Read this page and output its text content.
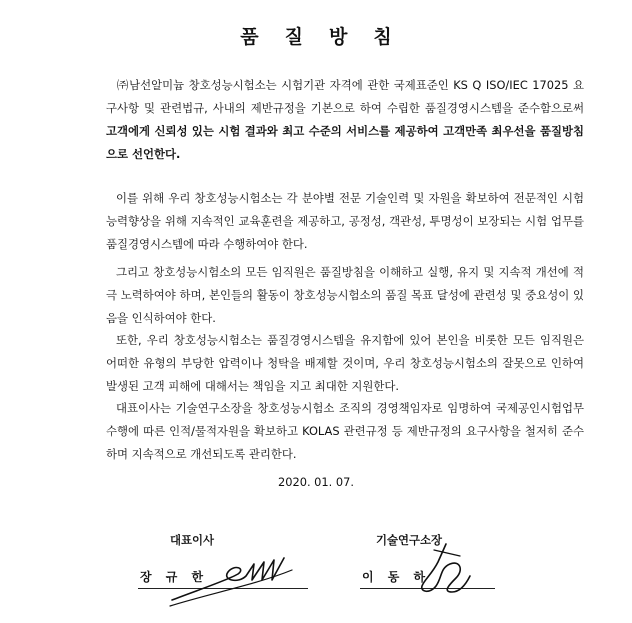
품질방침

㈜남선알미늄 창호성능시험소는 시험기관 자격에 관한 국제표준인 KS Q ISO/IEC 17025 요구사항 및 관련법규, 사내의 제반규정을 기본으로 하여 수립한 품질경영시스템을 준수함으로써 고객에게 신뢰성 있는 시험 결과와 최고 수준의 서비스를 제공하여 고객만족 최우선을 품질방침으로 선언한다.

이를 위해 우리 창호성능시험소는 각 분야별 전문 기술인력 및 자원을 확보하여 전문적인 시험능력향상을 위해 지속적인 교육훈련을 제공하고, 공정성, 객관성, 투명성이 보장되는 시험 업무를 품질경영시스템에 따라 수행하여야 한다.

그리고 창호성능시험소의 모든 임직원은 품질방침을 이해하고 실행, 유지 및 지속적 개선에 적극 노력하여야 하며, 본인들의 활동이 창호성능시험소의 품질 목표 달성에 관련성 및 중요성이 있음을 인식하여야 한다.

또한, 우리 창호성능시험소는 품질경영시스템을 유지함에 있어 본인을 비롯한 모든 임직원은 어떠한 유형의 부당한 압력이나 청탁을 배제할 것이며, 우리 창호성능시험소의 잘못으로 인하여 발생된 고객 피해에 대해서는 책임을 지고 최대한 지원한다.

대표이사는 기술연구소장을 창호성능시험소 조직의 경영책임자로 임명하여 국제공인시험업무수행에 따른 인적/물적자원을 확보하고 KOLAS 관련규정 등 제반규정의 요구사항을 철저히 준수하며 지속적으로 개선되도록 관리한다.

2020. 01. 07.
대표이사
장 규 한
기술연구소장
이 동 하
